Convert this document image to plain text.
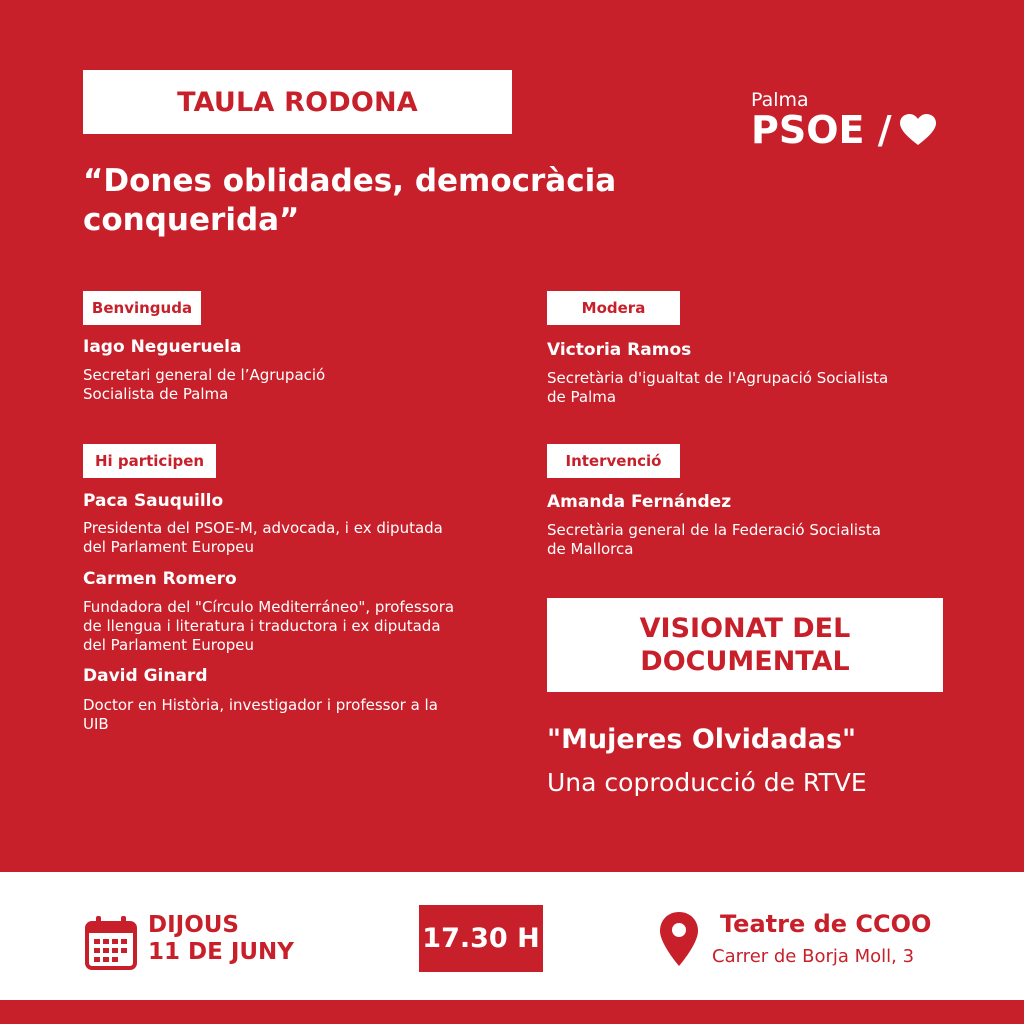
TAULA RODONA	Palma
PSOE /
“Dones oblidades, democràcia
conquerida”
Benvinguda
Iago Negueruela
Secretari general de l’Agrupació
Socialista de Palma
Modera
Victoria Ramos
Secretària d'igualtat de l'Agrupació Socialista
de Palma
Hi participen
Paca Sauquillo
Presidenta del PSOE-M, advocada, i ex diputada
del Parlament Europeu
Carmen Romero
Fundadora del "Círculo Mediterráneo", professora
de llengua i literatura i traductora i ex diputada
del Parlament Europeu
David Ginard
Doctor en Història, investigador i professor a la
UIB
Intervenció
Amanda Fernández
Secretària general de la Federació Socialista
de Mallorca
VISIONAT DEL
DOCUMENTAL
"Mujeres Olvidadas"
Una coproducció de RTVE
DIJOUS
11 DE JUNY	17.30 H	Teatre de CCOO
Carrer de Borja Moll, 3
